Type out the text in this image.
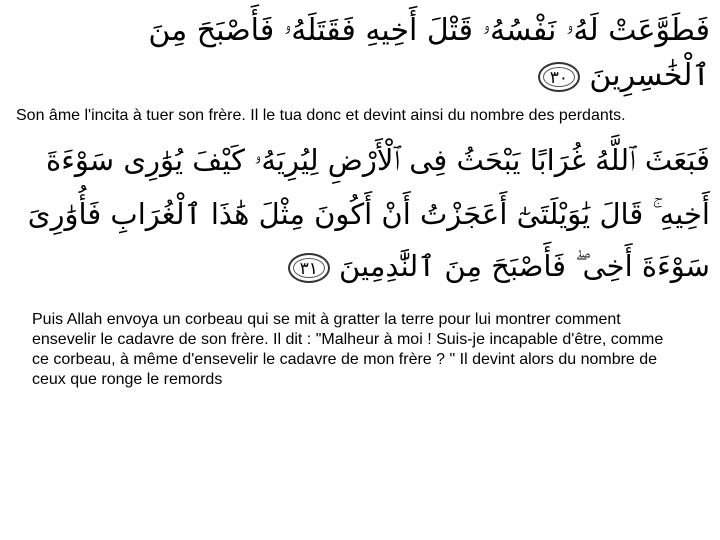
فَطَوَّعَتْ لَهُۥ نَفْسُهُۥ قَتْلَ أَخِيهِ فَقَتَلَهُۥ فَأَصْبَحَ مِنَ
ٱلْخَٰسِرِينَ ٣٠
Son âme l'incita à tuer son frère. Il le tua donc et devint ainsi du nombre des perdants.
فَبَعَثَ ٱللَّهُ غُرَابًا يَبْحَثُ فِى ٱلْأَرْضِ لِيُرِيَهُۥ كَيْفَ يُوَٰرِى سَوْءَةَ
أَخِيهِ ۚ قَالَ يَٰوَيْلَتَىٰٓ أَعَجَزْتُ أَنْ أَكُونَ مِثْلَ هَٰذَا ٱلْغُرَابِ فَأُوَٰرِىَ
سَوْءَةَ أَخِى ۖ فَأَصْبَحَ مِنَ ٱلنَّٰدِمِينَ ٣١
Puis Allah envoya un corbeau qui se mit à gratter la terre pour lui montrer comment ensevelir le cadavre de son frère. Il dit : "Malheur à moi ! Suis-je incapable d'être, comme ce corbeau, à même d'ensevelir le cadavre de mon frère ? " Il devint alors du nombre de ceux que ronge le remords
